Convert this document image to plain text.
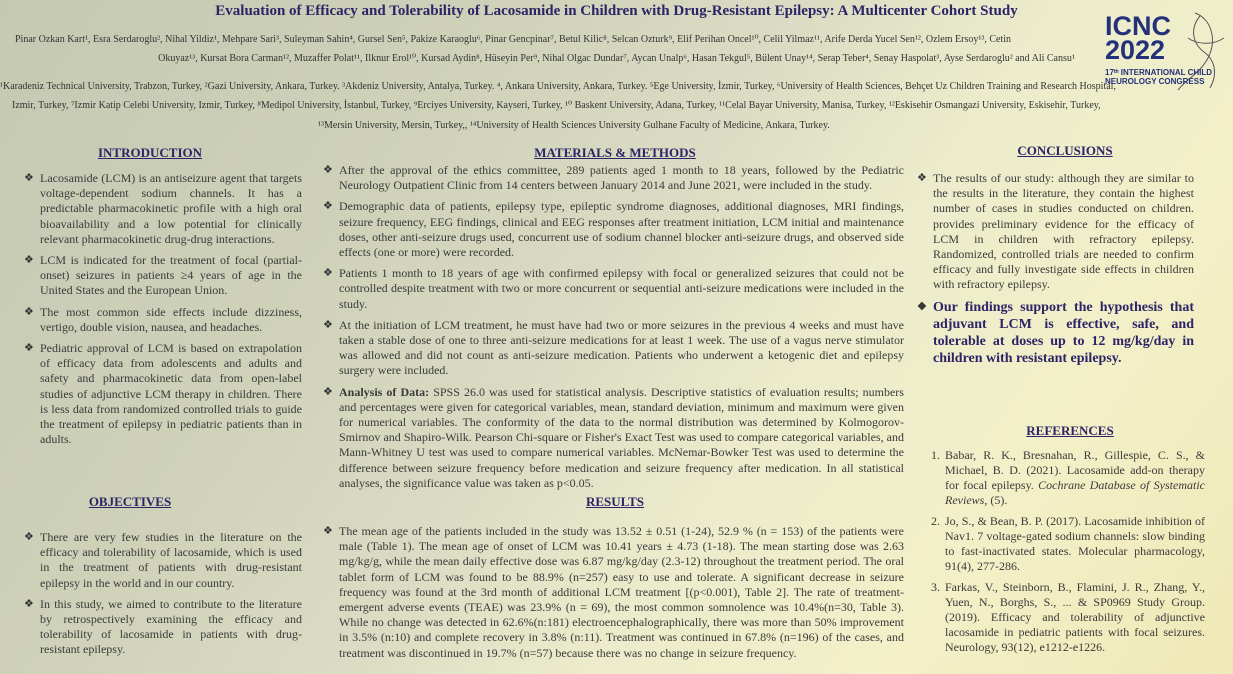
Evaluation of Efficacy and Tolerability of Lacosamide in Children with Drug-Resistant Epilepsy: A Multicenter Cohort Study
Pinar Ozkan Kart¹, Esra Serdaroglu², Nihal Yildiz¹, Mehpare Sari³, Suleyman Sahin⁴, Gursel Sen⁵, Pakize Karaoglu⁶, Pinar Gencpinar⁷, Betul Kilic⁸, Selcan Ozturk⁹, Elif Perihan Oncel¹⁰, Celil Yilmaz¹¹, Arife Derda Yucel Sen¹², Ozlem Ersoy¹³, Cetin
Okuyaz¹³, Kursat Bora Carman¹², Muzaffer Polat¹¹, Ilknur Erol¹⁰, Kursad Aydin⁸, Hüseyin Per⁹, Nihal Olgac Dundar⁷, Aycan Unalp⁶, Hasan Tekgul⁵, Bülent Unay¹⁴, Serap Teber⁴, Senay Haspolat³, Ayse Serdaroglu² and Ali Cansu¹
¹Karadeniz Technical University, Trabzon, Turkey, ²Gazi University, Ankara, Turkey. ³Akdeniz University, Antalya, Turkey. ⁴, Ankara University, Ankara, Turkey. ⁵Ege University, İzmir, Turkey, ⁶University of Health Sciences, Behçet Uz Children Training and Research Hospital,
Izmir, Turkey, ⁷Izmir Katip Celebi University, Izmir, Turkey, ⁸Medipol University, İstanbul, Turkey, ⁹Erciyes University, Kayseri, Turkey, ¹⁰ Baskent University, Adana, Turkey, ¹¹Celal Bayar University, Manisa, Turkey, ¹²Eskisehir Osmangazi University, Eskisehir, Turkey,
¹³Mersin University, Mersin, Turkey,, ¹⁴University of Health Sciences University Gulhane Faculty of Medicine, Ankara, Turkey.
ICNC
2022
17ᵗʰ INTERNATIONAL CHILD
NEUROLOGY CONGRESS
INTRODUCTION
❖ Lacosamide (LCM) is an antiseizure agent that targets voltage-dependent sodium channels. It has a predictable pharmacokinetic profile with a high oral bioavailability and a low potential for clinically relevant pharmacokinetic drug-drug interactions.
❖ LCM is indicated for the treatment of focal (partial-onset) seizures in patients ≥4 years of age in the United States and the European Union.
❖ The most common side effects include dizziness, vertigo, double vision, nausea, and headaches.
❖ Pediatric approval of LCM is based on extrapolation of efficacy data from adolescents and adults and safety and pharmacokinetic data from open-label studies of adjunctive LCM therapy in children. There is less data from randomized controlled trials to guide the treatment of epilepsy in pediatric patients than in adults.
OBJECTIVES
❖ There are very few studies in the literature on the efficacy and tolerability of lacosamide, which is used in the treatment of patients with drug-resistant epilepsy in the world and in our country.
❖ In this study, we aimed to contribute to the literature by retrospectively examining the efficacy and tolerability of lacosamide in patients with drug-resistant epilepsy.
MATERIALS & METHODS
❖ After the approval of the ethics committee, 289 patients aged 1 month to 18 years, followed by the Pediatric Neurology Outpatient Clinic from 14 centers between January 2014 and June 2021, were included in the study.
❖ Demographic data of patients, epilepsy type, epileptic syndrome diagnoses, additional diagnoses, MRI findings, seizure frequency, EEG findings, clinical and EEG responses after treatment initiation, LCM initial and maintenance doses, other anti-seizure drugs used, concurrent use of sodium channel blocker anti-seizure drugs, and observed side effects (one or more) were recorded.
❖ Patients 1 month to 18 years of age with confirmed epilepsy with focal or generalized seizures that could not be controlled despite treatment with two or more concurrent or sequential anti-seizure medications were included in the study.
❖ At the initiation of LCM treatment, he must have had two or more seizures in the previous 4 weeks and must have taken a stable dose of one to three anti-seizure medications for at least 1 week. The use of a vagus nerve stimulator was allowed and did not count as anti-seizure medication. Patients who underwent a ketogenic diet and epilepsy surgery were included.
❖ Analysis of Data: SPSS 26.0 was used for statistical analysis. Descriptive statistics of evaluation results; numbers and percentages were given for categorical variables, mean, standard deviation, minimum and maximum were given for numerical variables. The conformity of the data to the normal distribution was determined by Kolmogorov-Smirnov and Shapiro-Wilk. Pearson Chi-square or Fisher's Exact Test was used to compare categorical variables, and Mann-Whitney U test was used to compare numerical variables. McNemar-Bowker Test was used to determine the difference between seizure frequency before medication and seizure frequency after medication. In all statistical analyses, the significance value was taken as p<0.05.
RESULTS
❖ The mean age of the patients included in the study was 13.52 ± 0.51 (1-24), 52.9 % (n = 153) of the patients were male (Table 1). The mean age of onset of LCM was 10.41 years ± 4.73 (1-18). The mean starting dose was 2.63 mg/kg/g, while the mean daily effective dose was 6.87 mg/kg/day (2.3-12) throughout the treatment period. The oral tablet form of LCM was found to be 88.9% (n=257) easy to use and tolerate. A significant decrease in seizure frequency was found at the 3rd month of additional LCM treatment [(p<0.001), Table 2]. The rate of treatment-emergent adverse events (TEAE) was 23.9% (n = 69), the most common somnolence was 10.4%(n=30, Table 3). While no change was detected in 62.6%(n:181) electroencephalographically, there was more than 50% improvement in 3.5% (n:10) and complete recovery in 3.8% (n:11). Treatment was continued in 67.8% (n=196) of the cases, and treatment was discontinued in 19.7% (n=57) because there was no change in seizure frequency.
CONCLUSIONS
❖ The results of our study: although they are similar to the results in the literature, they contain the highest number of cases in studies conducted on children. provides preliminary evidence for the efficacy of LCM in children with refractory epilepsy. Randomized, controlled trials are needed to confirm efficacy and fully investigate side effects in children with refractory epilepsy.
❖ Our findings support the hypothesis that adjuvant LCM is effective, safe, and tolerable at doses up to 12 mg/kg/day in children with resistant epilepsy.
REFERENCES
1. Babar, R. K., Bresnahan, R., Gillespie, C. S., & Michael, B. D. (2021). Lacosamide add-on therapy for focal epilepsy. Cochrane Database of Systematic Reviews, (5).
2. Jo, S., & Bean, B. P. (2017). Lacosamide inhibition of Nav1. 7 voltage-gated sodium channels: slow binding to fast-inactivated states. Molecular pharmacology, 91(4), 277-286.
3. Farkas, V., Steinborn, B., Flamini, J. R., Zhang, Y., Yuen, N., Borghs, S., ... & SP0969 Study Group. (2019). Efficacy and tolerability of adjunctive lacosamide in pediatric patients with focal seizures. Neurology, 93(12), e1212-e1226.
